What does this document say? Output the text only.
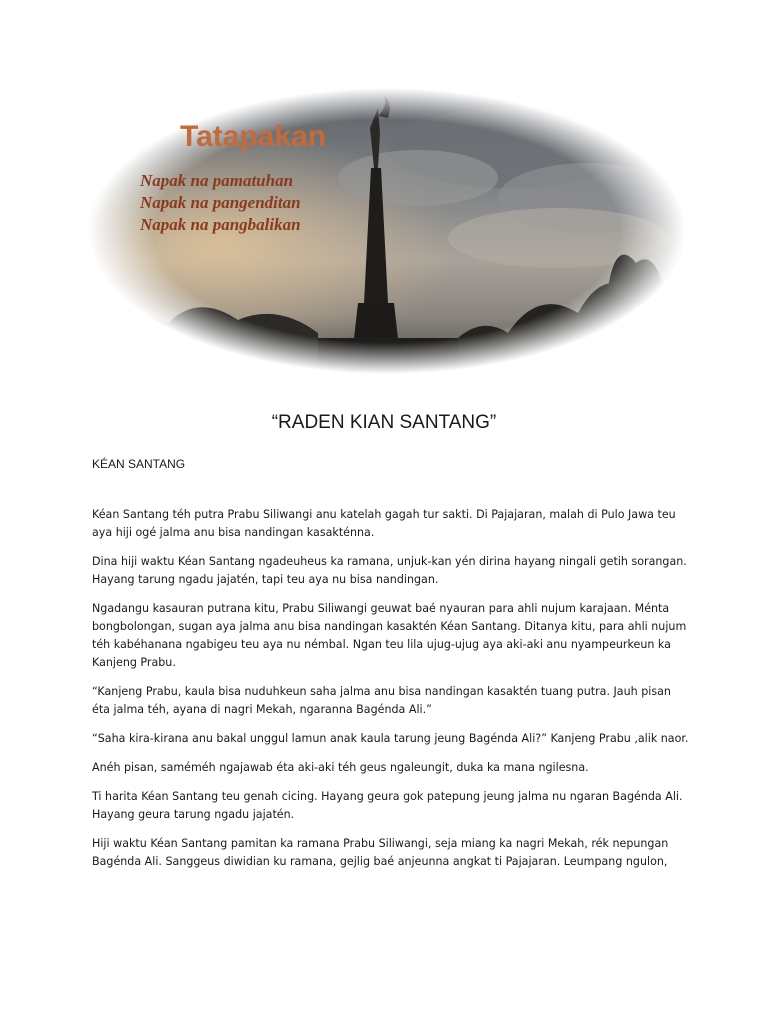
Tatapakan
Napak na pamatuhan
Napak na pangenditan
Napak na pangbalikan
“RADEN KIAN SANTANG”
KÉAN SANTANG

Kéan Santang téh putra Prabu Siliwangi anu katelah gagah tur sakti. Di Pajajaran, malah di Pulo Jawa teu aya hiji ogé jalma anu bisa nandingan kasakténna.

Dina hiji waktu Kéan Santang ngadeuheus ka ramana, unjuk-kan yén dirina hayang ningali getih sorangan. Hayang tarung ngadu jajatén, tapi teu aya nu bisa nandingan.

Ngadangu kasauran putrana kitu, Prabu Siliwangi geuwat baé nyauran para ahli nujum karajaan. Ménta bongbolongan, sugan aya jalma anu bisa nandingan kasaktén Kéan Santang. Ditanya kitu, para ahli nujum téh kabéhanana ngabigeu teu aya nu némbal. Ngan teu lila ujug-ujug aya aki-aki anu nyampeurkeun ka Kanjeng Prabu.

“Kanjeng Prabu, kaula bisa nuduhkeun saha jalma anu bisa nandingan kasaktén tuang putra. Jauh pisan éta jalma téh, ayana di nagri Mekah, ngaranna Bagénda Ali.”

“Saha kira-kirana anu bakal unggul lamun anak kaula tarung jeung Bagénda Ali?” Kanjeng Prabu ,alik naor.

Anéh pisan, saméméh ngajawab éta aki-aki téh geus ngaleungit, duka ka mana ngilesna.

Ti harita Kéan Santang teu genah cicing. Hayang geura gok patepung jeung jalma nu ngaran Bagénda Ali. Hayang geura tarung ngadu jajatén.

Hiji waktu Kéan Santang pamitan ka ramana Prabu Siliwangi, seja miang ka nagri Mekah, rék nepungan Bagénda Ali. Sanggeus diwidian ku ramana, gejlig baé anjeunna angkat ti Pajajaran. Leumpang ngulon,
